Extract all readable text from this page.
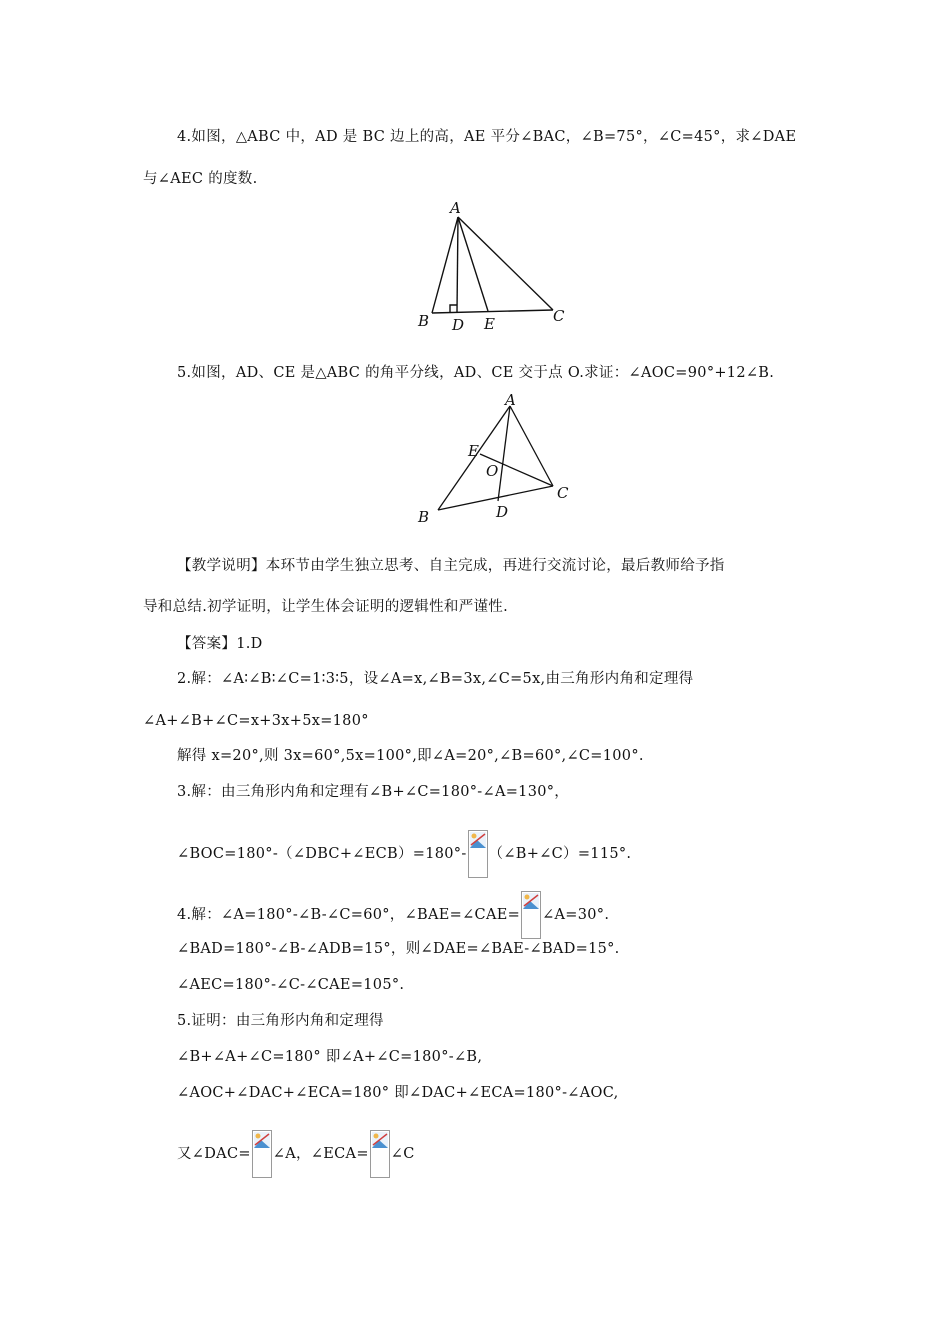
4.如图，△ABC 中，AD 是 BC 边上的高，AE 平分∠BAC，∠B=75°，∠C=45°，求∠DAE
与∠AEC 的度数.
A
B D E	C
5.如图，AD、CE 是△ABC 的角平分线，AD、CE 交于点 O.求证：∠AOC=90°+12∠B.
A
E
O
C
D
B
【教学说明】本环节由学生独立思考、自主完成，再进行交流讨论，最后教师给予指
导和总结.初学证明，让学生体会证明的逻辑性和严谨性.
【答案】1.D
2.解：∠A∶∠B∶∠C=1∶3∶5，设∠A=x,∠B=3x,∠C=5x,由三角形内角和定理得
∠A+∠B+∠C=x+3x+5x=180°
解得 x=20°,则 3x=60°,5x=100°,即∠A=20°,∠B=60°,∠C=100°.
3.解：由三角形内角和定理有∠B+∠C=180°-∠A=130°，
∠BOC=180°-（∠DBC+∠ECB）=180°- （∠B+∠C）=115°.
4.解：∠A=180°-∠B-∠C=60°，∠BAE=∠CAE= ∠A=30°.
∠BAD=180°-∠B-∠ADB=15°，则∠DAE=∠BAE-∠BAD=15°.
∠AEC=180°-∠C-∠CAE=105°.
5.证明：由三角形内角和定理得
∠B+∠A+∠C=180° 即∠A+∠C=180°-∠B,
∠AOC+∠DAC+∠ECA=180° 即∠DAC+∠ECA=180°-∠AOC,
又∠DAC= ∠A，∠ECA= ∠C
